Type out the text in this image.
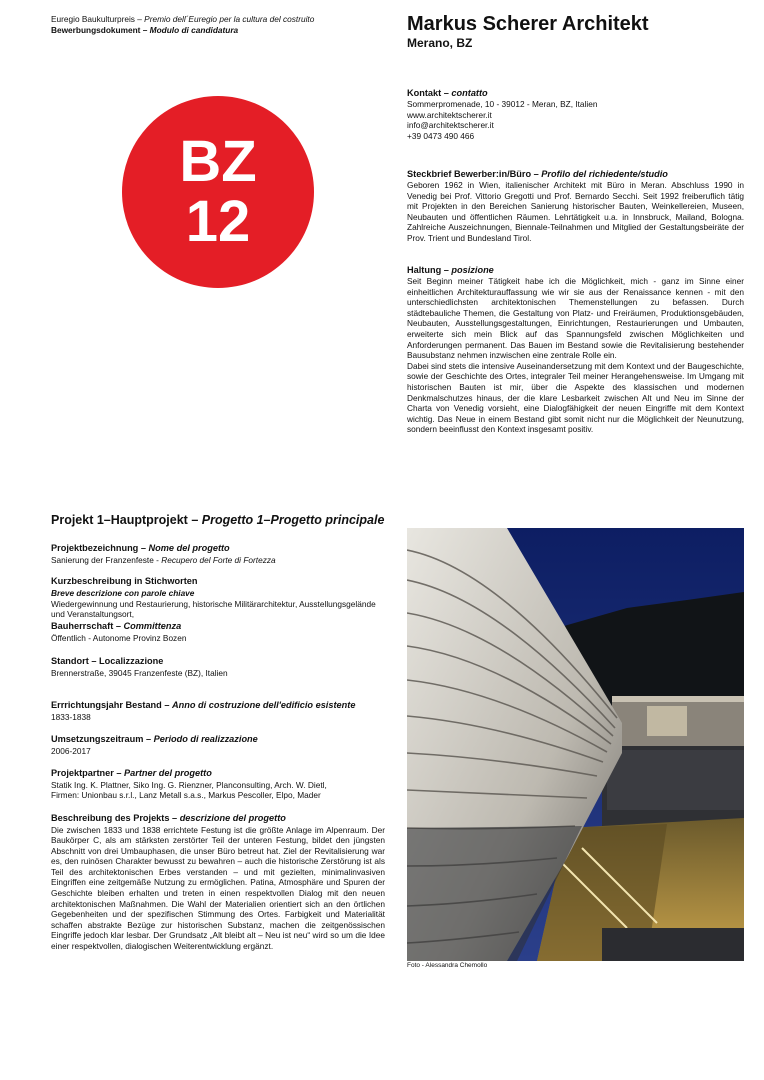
Euregio Baukulturpreis – Premio dell´Euregio per la cultura del costruito
Bewerbungsdokument – Modulo di candidatura	Markus Scherer Architekt
Merano, BZ
BZ
12
Kontakt – contatto
Sommerpromenade, 10 - 39012 - Meran, BZ, Italien
www.architektscherer.it
info@architektscherer.it
+39 0473 490 466
Steckbrief Bewerber:in/Büro – Profilo del richiedente/studio
Geboren 1962 in Wien, italienischer Architekt mit Büro in Meran. Abschluss 1990 in Venedig bei Prof. Vittorio Gregotti und Prof. Bernardo Secchi. Seit 1992 freiberuflich tätig mit Projekten in den Bereichen Sanierung historischer Bauten, Weinkellereien, Museen, Neubauten und öffentlichen Räumen. Lehrtätigkeit u.a. in Innsbruck, Mailand, Bologna. Zahlreiche Auszeichnungen, Biennale-Teilnahmen und Mitglied der Gestaltungsbeiräte der Prov. Trient und Bundesland Tirol.
Haltung – posizione
Seit Beginn meiner Tätigkeit habe ich die Möglichkeit, mich - ganz im Sinne einer einheitlichen Architekturauffassung wie wir sie aus der Renaissance kennen - mit den unterschiedlichsten architektonischen Themenstellungen zu befassen. Durch städtebauliche Themen, die Gestaltung von Platz- und Freiräumen, Produktionsgebäuden, Neubauten, Ausstellungsgestaltungen, Einrichtungen, Restaurierungen und Umbauten, erweiterte sich mein Blick auf das Spannungsfeld zwischen Möglichkeiten und Anforderungen permanent. Das Bauen im Bestand sowie die Revitalisierung bestehender Bausubstanz nehmen inzwischen eine zentrale Rolle ein.
Dabei sind stets die intensive Auseinandersetzung mit dem Kontext und der Baugeschichte, sowie der Geschichte des Ortes, integraler Teil meiner Herangehensweise. Im Umgang mit historischen Bauten ist mir, über die Aspekte des klassischen und modernen Denkmalschutzes hinaus, der die klare Lesbarkeit zwischen Alt und Neu im Sinne der Charta von Venedig vorsieht, eine Dialogfähigkeit der neuen Eingriffe mit dem Kontext wichtig. Das Neue in einem Bestand gibt somit nicht nur die Möglichkeit der Neunutzung, sondern beeinflusst den Kontext insgesamt positiv.
Projekt 1–Hauptprojekt – Progetto 1–Progetto principale
Projektbezeichnung – Nome del progetto
Sanierung der Franzenfeste - Recupero del Forte di Fortezza
Kurzbeschreibung in Stichworten
Breve descrizione con parole chiave
Wiedergewinnung und Restaurierung, historische Militärarchitektur, Ausstellungsgelände und Veranstaltungsort,
Bauherrschaft – Committenza
Öffentlich - Autonome Provinz Bozen
Standort – Localizzazione
Brennerstraße, 39045 Franzenfeste (BZ), Italien
Errrichtungsjahr Bestand – Anno di costruzione dell'edificio esistente
1833-1838
Umsetzungszeitraum – Periodo di realizzazione
2006-2017
Projektpartner – Partner del progetto
Statik Ing. K. Plattner, Siko Ing. G. Rienzner, Planconsulting, Arch. W. Dietl,
Firmen: Unionbau s.r.l., Lanz Metall s.a.s., Markus Pescoller, Elpo, Mader
Beschreibung des Projekts – descrizione del progetto
Die zwischen 1833 und 1838 errichtete Festung ist die größte Anlage im Alpenraum. Der Baukörper C, als am stärksten zerstörter Teil der unteren Festung, bildet den jüngsten Abschnitt von drei Umbauphasen, die unser Büro betreut hat. Ziel der Revitalisierung war es, den ruinösen Charakter bewusst zu bewahren – auch die historische Zerstörung ist als Teil des architektonischen Erbes verstanden – und mit gezielten, minimalinvasiven Eingriffen eine zeitgemäße Nutzung zu ermöglichen. Patina, Atmosphäre und Spuren der Geschichte bleiben erhalten und treten in einen respektvollen Dialog mit den neuen architektonischen Maßnahmen. Die Wahl der Materialien orientiert sich an den örtlichen Gegebenheiten und der spezifischen Stimmung des Ortes. Farbigkeit und Materialität schaffen abstrakte Bezüge zur historischen Substanz, machen die zeitgenössischen Eingriffe jedoch klar lesbar. Der Grundsatz „Alt bleibt alt – Neu ist neu“ wird so um die Idee einer respektvollen, dialogischen Weiterentwicklung ergänzt.
Foto - Alessandra Chemollo
